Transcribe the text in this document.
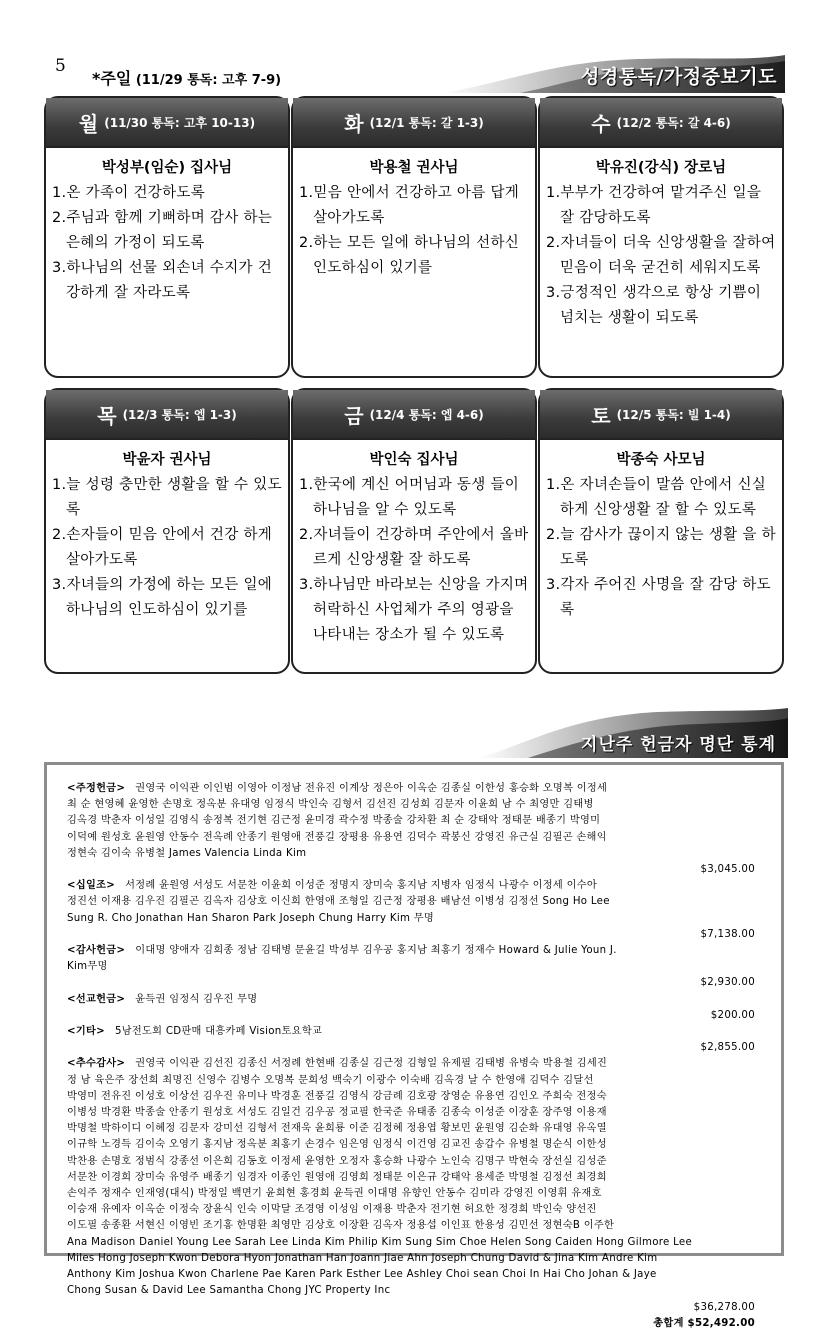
5
*주일 (11/29 통독: 고후 7-9)	성경통독/가정중보기도
월 (11/30 통독: 고후 10-13)
박성부(임순) 집사님
1.온 가족이 건강하도록
2.주님과 함께 기뻐하며 감사 하는 은혜의 가정이 되도록
3.하나님의 선물 외손녀 수지가 건강하게 잘 자라도록
화 (12/1 통독: 갈 1-3)
박용철 권사님
1.믿음 안에서 건강하고 아름 답게 살아가도록
2.하는 모든 일에 하나님의 선하신 인도하심이 있기를
수 (12/2 통독: 갈 4-6)
박유진(강식) 장로님
1.부부가 건강하여 맡겨주신 일을 잘 감당하도록
2.자녀들이 더욱 신앙생활을 잘하여 믿음이 더욱 굳건히 세워지도록
3.긍정적인 생각으로 항상 기쁨이 넘치는 생활이 되도록
목 (12/3 통독: 엡 1-3)
박윤자 권사님
1.늘 성령 충만한 생활을 할 수 있도록
2.손자들이 믿음 안에서 건강 하게 살아가도록
3.자녀들의 가정에 하는 모든 일에 하나님의 인도하심이 있기를
금 (12/4 통독: 엡 4-6)
박인숙 집사님
1.한국에 계신 어머님과 동생 들이 하나님을 알 수 있도록
2.자녀들이 건강하며 주안에서 올바르게 신앙생활 잘 하도록
3.하나님만 바라보는 신앙을 가지며 허락하신 사업체가 주의 영광을 나타내는 장소가 될 수 있도록
토 (12/5 통독: 빌 1-4)
박종숙 사모님
1.온 자녀손들이 말씀 안에서 신실하게 신앙생활 잘 할 수 있도록
2.늘 감사가 끊이지 않는 생활 을 하도록
3.각자 주어진 사명을 잘 감당 하도록
지난주 헌금자 명단 통계
<주정헌금> 권영국 이익관 이인범 이영아 이정남 전유진 이계상 정은아 이옥순 김종실 이한성 홍승화 오명복 이정세
최 순 현영혜 윤영한 손명호 정옥분 유대영 임정식 박인숙 김형서 김선진 김성희 김문자 이윤희 남 수 최영만 김태병
김옥경 박춘자 이성일 김영식 송정복 전기현 김근정 윤미경 곽수정 박종술 강차환 최 순 강태악 정태문 배종기 박영미
이덕예 원성호 윤원영 안동수 전옥례 안종기 원영애 전풍길 장평용 유용연 김덕수 곽봉신 강영진 유근실 김필곤 손해익
정현숙 김이숙 유병철 James Valencia Linda Kim
$3,045.00
<십일조> 서정례 윤원영 서성도 서문찬 이윤희 이성준 정명지 장미숙 홍지남 지병자 임정식 나광수 이정세 이수아
정진선 이재용 김우진 김필곤 김옥자 김상호 이신희 한영애 조형일 김근정 장평용 배남선 이병성 김정선 Song Ho Lee
Sung R. Cho Jonathan Han Sharon Park Joseph Chung Harry Kim 무명
$7,138.00
<감사헌금> 이대명 양애자 김희종 정남 김태병 문윤길 박성부 김우공 홍지남 최홍기 정재수 Howard & Julie Youn J.
Kim무명
$2,930.00
<선교헌금> 윤득권 임정식 김우진 무명
$200.00
<기타> 5남전도회 CD판매 대흥카페 Vision토요학교
$2,855.00
<추수감사> 권영국 이익관 김선진 김종신 서정례 한현배 김종실 김근정 김형일 유제필 김태병 유병숙 박용철 김세진
정 남 육은주 장선희 최명진 신영수 김병수 오명복 문희성 백숙기 이광수 이숙배 김옥경 날 수 한영애 김덕수 김달선
박영미 전유진 이성호 이상선 김우진 유미나 박경훈 전풍길 김영식 강금례 김호광 장영순 유용연 김인오 주희숙 전정숙
이병성 박경환 박종술 안종기 원성호 서성도 김일건 김우공 정교필 한국준 유태종 김종숙 이성준 이장훈 장주영 이용재
박명철 박하이디 이혜정 김문자 강미선 김형서 전재욱 윤희룡 이준 김정혜 정용엽 황보민 윤원영 김순화 유대영 유옥열
이규학 노경득 김이숙 오영기 홍지남 정옥분 최홍기 손경수 임은영 임정식 이건영 김교진 송갑수 유병철 명순식 이한성
박찬용 손명호 정범식 강종선 이은희 김동호 이정세 윤영한 오정자 홍승화 나광수 노인숙 김명구 박현숙 장선실 김성준
서문찬 이경희 장미숙 유영주 배종기 임경자 이종인 원영애 김영희 정태문 이은규 강태악 용세준 박명철 김정선 최경희
손익주 정재수 인재영(대식) 박정일 백면기 윤희현 홍경희 윤득권 이대명 유향인 안동수 김미라 강영진 이영휘 유재호
이승재 유예자 이옥순 이정숙 장윤식 인숙 이막달 조경영 이성임 이재용 박춘자 전기현 허요한 정경희 박인숙 양선진
이도필 송종환 서현신 이영빈 조기홍 한명환 최영만 김상호 이장환 김옥자 정용섭 이인표 한용성 김민선 정현숙B 이주한
Ana Madison Daniel Young Lee Sarah Lee Linda Kim Philip Kim Sung Sim Choe Helen Song Caiden Hong Gilmore Lee
Miles Hong Joseph Kwon Debora Hyon Jonathan Han Joann Jiae Ahn Joseph Chung David & Jina Kim Andre Kim
Anthony Kim Joshua Kwon Charlene Pae Karen Park Esther Lee Ashley Choi sean Choi In Hai Cho Johan & Jaye
Chong Susan & David Lee Samantha Chong JYC Property Inc
$36,278.00
총합계 $52,492.00
